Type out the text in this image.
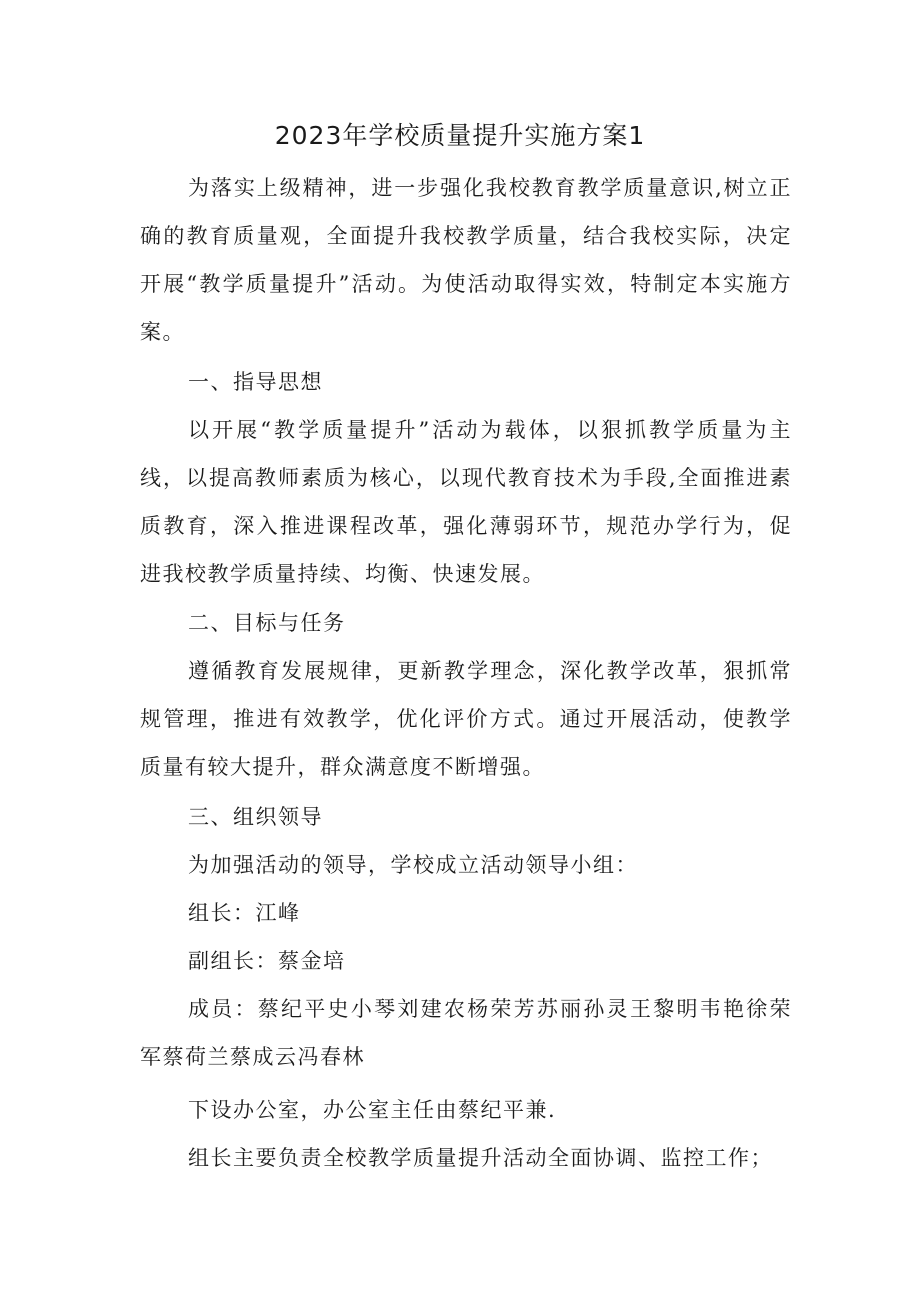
2023年学校质量提升实施方案1
为落实上级精神，进一步强化我校教育教学质量意识,树立正确的教育质量观，全面提升我校教学质量，结合我校实际，决定开展“教学质量提升”活动。为使活动取得实效，特制定本实施方案。
一、指导思想
以开展“教学质量提升”活动为载体，以狠抓教学质量为主线，以提高教师素质为核心，以现代教育技术为手段,全面推进素质教育，深入推进课程改革，强化薄弱环节，规范办学行为，促进我校教学质量持续、均衡、快速发展。
二、目标与任务
遵循教育发展规律，更新教学理念，深化教学改革，狠抓常规管理，推进有效教学，优化评价方式。通过开展活动，使教学质量有较大提升，群众满意度不断增强。
三、组织领导
为加强活动的领导，学校成立活动领导小组：
组长：江峰
副组长：蔡金培
成员：蔡纪平史小琴刘建农杨荣芳苏丽孙灵王黎明韦艳徐荣军蔡荷兰蔡成云冯春林
下设办公室，办公室主任由蔡纪平兼.
组长主要负责全校教学质量提升活动全面协调、监控工作；
